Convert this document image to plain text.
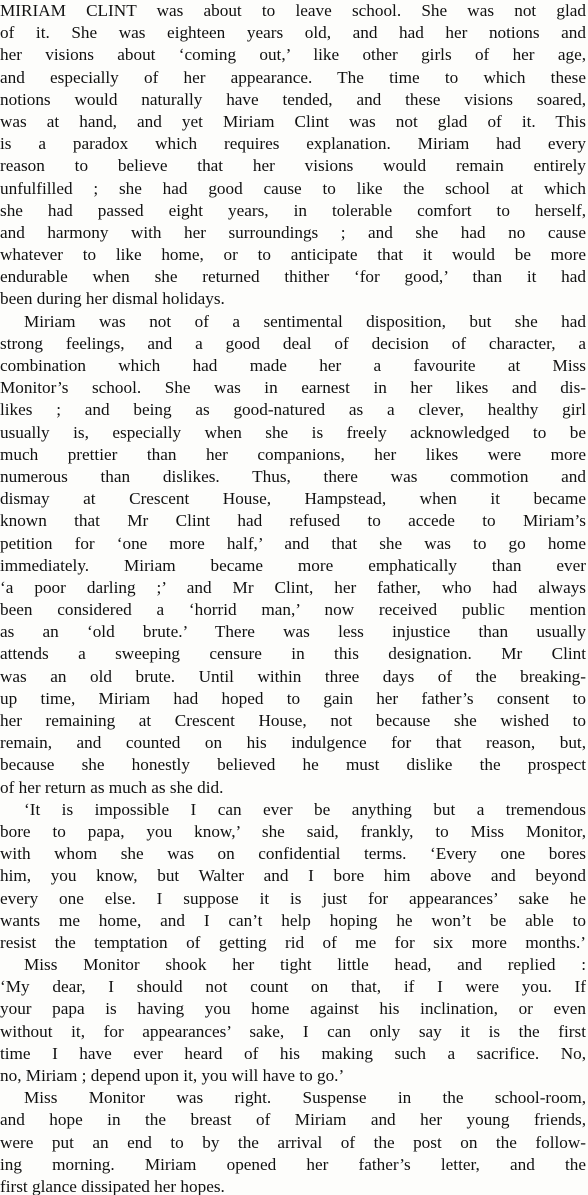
MIRIAM CLINT was about to leave school. She was not glad
of it. She was eighteen years old, and had her notions and
her visions about ‘coming out,’ like other girls of her age,
and especially of her appearance. The time to which these
notions would naturally have tended, and these visions soared,
was at hand, and yet Miriam Clint was not glad of it. This
is a paradox which requires explanation. Miriam had every
reason to believe that her visions would remain entirely
unfulfilled ; she had good cause to like the school at which
she had passed eight years, in tolerable comfort to herself,
and harmony with her surroundings ; and she had no cause
whatever to like home, or to anticipate that it would be more
endurable when she returned thither ‘for good,’ than it had
been during her dismal holidays.
Miriam was not of a sentimental disposition, but she had
strong feelings, and a good deal of decision of character, a
combination which had made her a favourite at Miss
Monitor’s school. She was in earnest in her likes and dis-
likes ; and being as good-natured as a clever, healthy girl
usually is, especially when she is freely acknowledged to be
much prettier than her companions, her likes were more
numerous than dislikes. Thus, there was commotion and
dismay at Crescent House, Hampstead, when it became
known that Mr Clint had refused to accede to Miriam’s
petition for ‘one more half,’ and that she was to go home
immediately. Miriam became more emphatically than ever
‘a poor darling ;’ and Mr Clint, her father, who had always
been considered a ‘horrid man,’ now received public mention
as an ‘old brute.’ There was less injustice than usually
attends a sweeping censure in this designation. Mr Clint
was an old brute. Until within three days of the breaking-
up time, Miriam had hoped to gain her father’s consent to
her remaining at Crescent House, not because she wished to
remain, and counted on his indulgence for that reason, but,
because she honestly believed he must dislike the prospect
of her return as much as she did.
‘It is impossible I can ever be anything but a tremendous
bore to papa, you know,’ she said, frankly, to Miss Monitor,
with whom she was on confidential terms. ‘Every one bores
him, you know, but Walter and I bore him above and beyond
every one else. I suppose it is just for appearances’ sake he
wants me home, and I can’t help hoping he won’t be able to
resist the temptation of getting rid of me for six more months.’
Miss Monitor shook her tight little head, and replied :
‘My dear, I should not count on that, if I were you. If
your papa is having you home against his inclination, or even
without it, for appearances’ sake, I can only say it is the first
time I have ever heard of his making such a sacrifice. No,
no, Miriam ; depend upon it, you will have to go.’
Miss Monitor was right. Suspense in the school-room,
and hope in the breast of Miriam and her young friends,
were put an end to by the arrival of the post on the follow-
ing morning. Miriam opened her father’s letter, and the
first glance dissipated her hopes.
